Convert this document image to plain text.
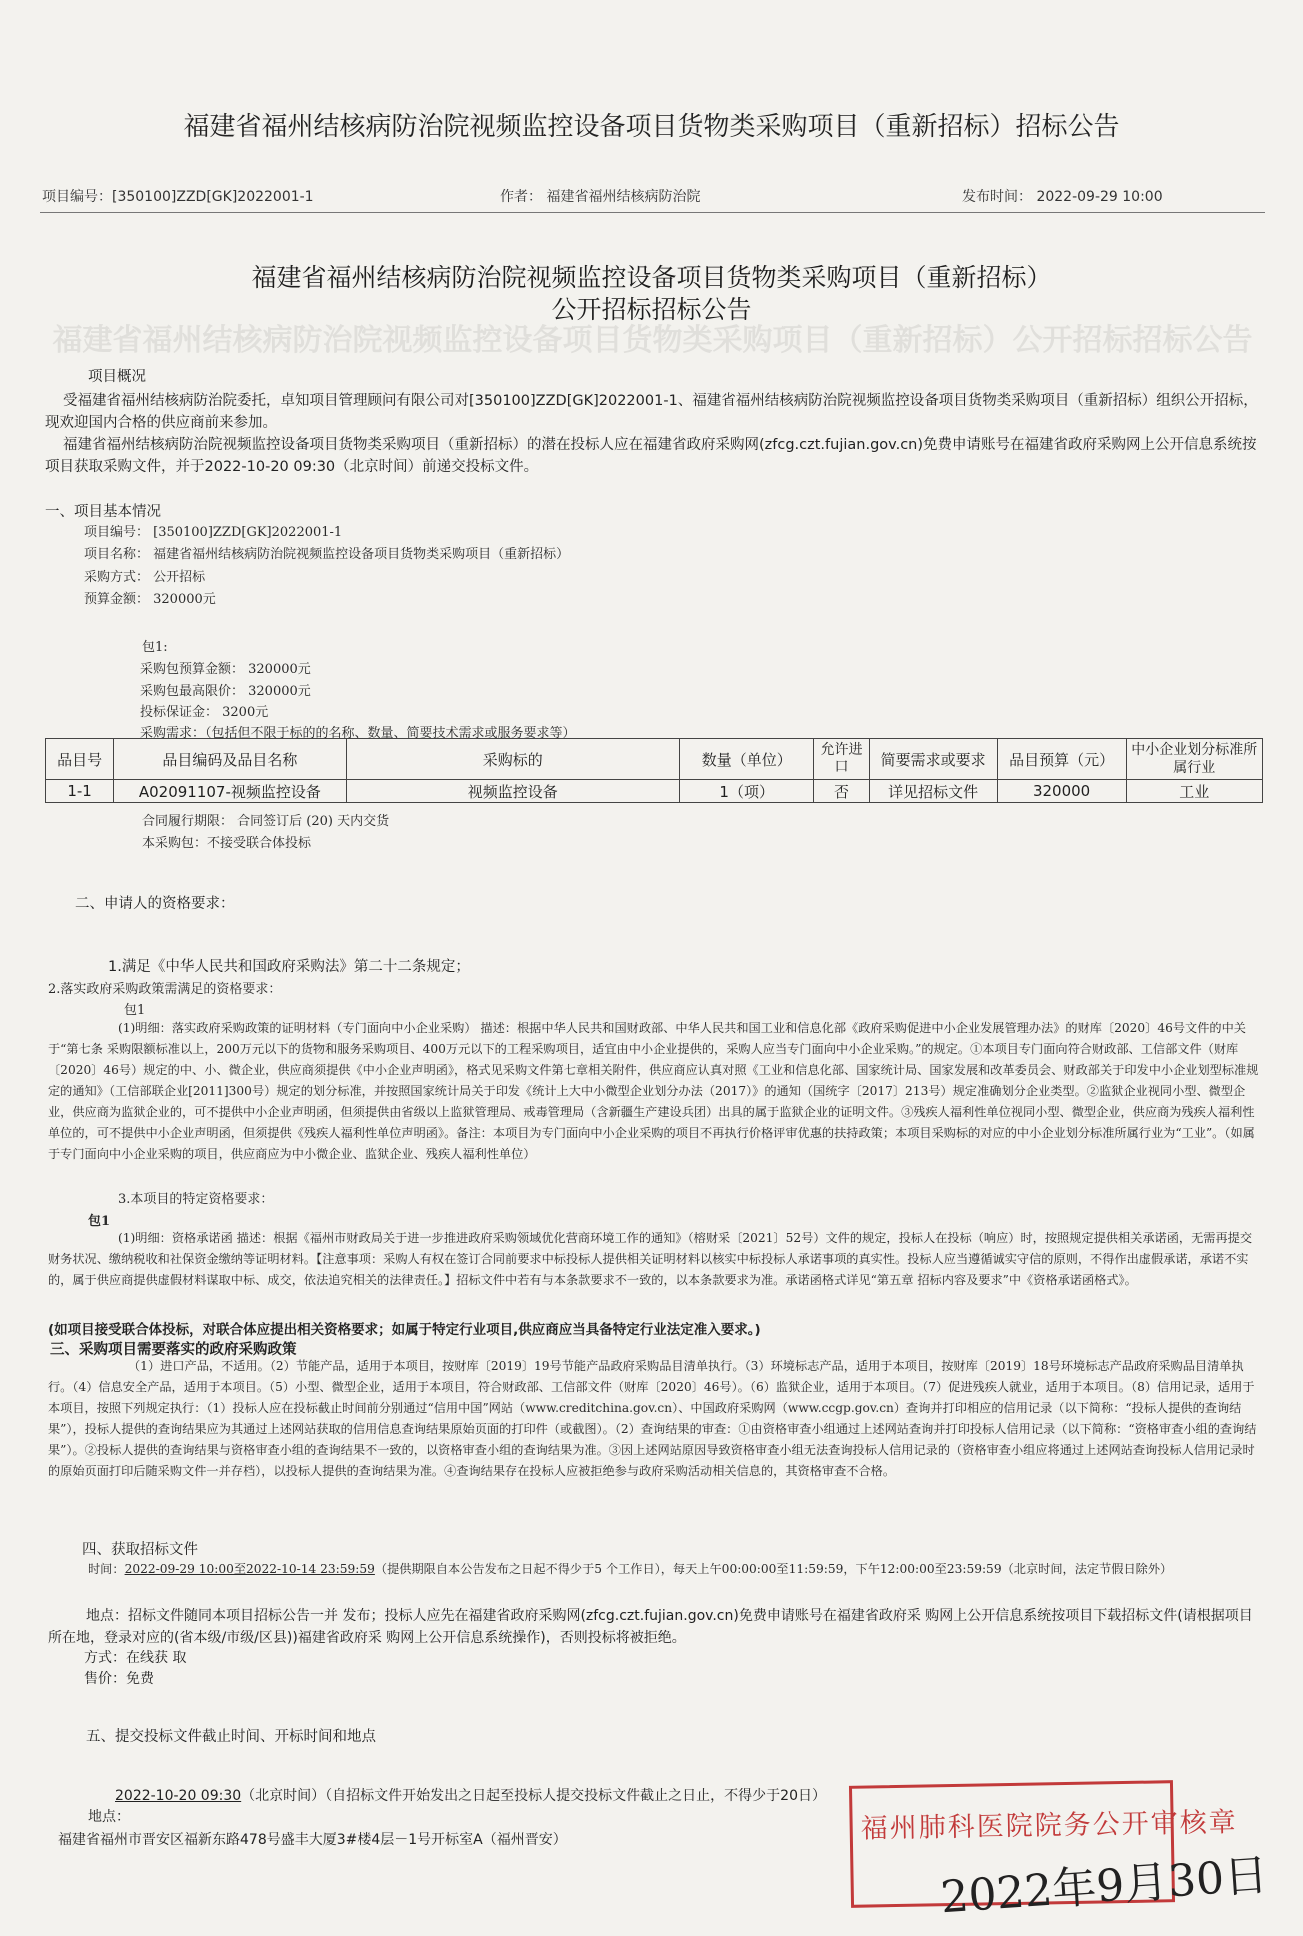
福建省福州结核病防治院视频监控设备项目货物类采购项目（重新招标）招标公告
项目编号：[350100]ZZD[GK]2022001-1	作者： 福建省福州结核病防治院	发布时间： 2022-09-29 10:00
福建省福州结核病防治院视频监控设备项目货物类采购项目（重新招标）
公开招标招标公告
福建省福州结核病防治院视频监控设备项目货物类采购项目（重新招标）公开招标招标公告
项目概况
受福建省福州结核病防治院委托，卓知项目管理顾问有限公司对[350100]ZZD[GK]2022001-1、福建省福州结核病防治院视频监控设备项目货物类采购项目（重新招标）组织公开招标，现欢迎国内合格的供应商前来参加。
福建省福州结核病防治院视频监控设备项目货物类采购项目（重新招标）的潜在投标人应在福建省政府采购网(zfcg.czt.fujian.gov.cn)免费申请账号在福建省政府采购网上公开信息系统按项目获取采购文件，并于2022-10-20 09:30（北京时间）前递交投标文件。
一、项目基本情况
项目编号： [350100]ZZD[GK]2022001-1
项目名称： 福建省福州结核病防治院视频监控设备项目货物类采购项目（重新招标）
采购方式： 公开招标
预算金额： 320000元
包1:
采购包预算金额： 320000元
采购包最高限价： 320000元
投标保证金： 3200元
采购需求：（包括但不限于标的的名称、数量、简要技术需求或服务要求等）
品目号	品目编码及品目名称	采购标的	数量（单位）	允许进口	简要需求或要求	品目预算（元）	中小企业划分标准所属行业
1-1	A02091107-视频监控设备	视频监控设备	1（项）	否	详见招标文件	320000	工业
合同履行期限： 合同签订后 (20) 天内交货
本采购包：不接受联合体投标
二、申请人的资格要求：
1.满足《中华人民共和国政府采购法》第二十二条规定；
2.落实政府采购政策需满足的资格要求：
包1
(1)明细：落实政府采购政策的证明材料（专门面向中小企业采购） 描述：根据中华人民共和国财政部、中华人民共和国工业和信息化部《政府采购促进中小企业发展管理办法》的财库〔2020〕46号文件的中关于“第七条 采购限额标准以上，200万元以下的货物和服务采购项目、400万元以下的工程采购项目，适宜由中小企业提供的，采购人应当专门面向中小企业采购。”的规定。①本项目专门面向符合财政部、工信部文件（财库〔2020〕46号）规定的中、小、微企业，供应商须提供《中小企业声明函》，格式见采购文件第七章相关附件，供应商应认真对照《工业和信息化部、国家统计局、国家发展和改革委员会、财政部关于印发中小企业划型标准规定的通知》（工信部联企业[2011]300号）规定的划分标准，并按照国家统计局关于印发《统计上大中小微型企业划分办法（2017）》的通知（国统字〔2017〕213号）规定准确划分企业类型。②监狱企业视同小型、微型企业，供应商为监狱企业的，可不提供中小企业声明函，但须提供由省级以上监狱管理局、戒毒管理局（含新疆生产建设兵团）出具的属于监狱企业的证明文件。③残疾人福利性单位视同小型、微型企业，供应商为残疾人福利性单位的，可不提供中小企业声明函，但须提供《残疾人福利性单位声明函》。备注：本项目为专门面向中小企业采购的项目不再执行价格评审优惠的扶持政策；本项目采购标的对应的中小企业划分标准所属行业为“工业”。（如属于专门面向中小企业采购的项目，供应商应为中小微企业、监狱企业、残疾人福利性单位）
3.本项目的特定资格要求：
包1
(1)明细：资格承诺函 描述：根据《福州市财政局关于进一步推进政府采购领域优化营商环境工作的通知》（榕财采〔2021〕52号）文件的规定，投标人在投标（响应）时，按照规定提供相关承诺函，无需再提交财务状况、缴纳税收和社保资金缴纳等证明材料。【注意事项：采购人有权在签订合同前要求中标投标人提供相关证明材料以核实中标投标人承诺事项的真实性。投标人应当遵循诚实守信的原则，不得作出虚假承诺，承诺不实的，属于供应商提供虚假材料谋取中标、成交，依法追究相关的法律责任。】招标文件中若有与本条款要求不一致的，以本条款要求为准。承诺函格式详见“第五章 招标内容及要求”中《资格承诺函格式》。
(如项目接受联合体投标，对联合体应提出相关资格要求；如属于特定行业项目,供应商应当具备特定行业法定准入要求。)
三、采购项目需要落实的政府采购政策
（1）进口产品，不适用。（2）节能产品，适用于本项目，按财库〔2019〕19号节能产品政府采购品目清单执行。（3）环境标志产品，适用于本项目，按财库〔2019〕18号环境标志产品政府采购品目清单执行。（4）信息安全产品，适用于本项目。（5）小型、微型企业，适用于本项目，符合财政部、工信部文件（财库〔2020〕46号）。（6）监狱企业，适用于本项目。（7）促进残疾人就业，适用于本项目。（8）信用记录，适用于本项目，按照下列规定执行：（1）投标人应在投标截止时间前分别通过“信用中国”网站（www.creditchina.gov.cn）、中国政府采购网（www.ccgp.gov.cn）查询并打印相应的信用记录（以下简称：“投标人提供的查询结果”），投标人提供的查询结果应为其通过上述网站获取的信用信息查询结果原始页面的打印件（或截图）。（2）查询结果的审查：①由资格审查小组通过上述网站查询并打印投标人信用记录（以下简称：“资格审查小组的查询结果”）。②投标人提供的查询结果与资格审查小组的查询结果不一致的，以资格审查小组的查询结果为准。③因上述网站原因导致资格审查小组无法查询投标人信用记录的（资格审查小组应将通过上述网站查询投标人信用记录时的原始页面打印后随采购文件一并存档），以投标人提供的查询结果为准。④查询结果存在投标人应被拒绝参与政府采购活动相关信息的，其资格审查不合格。
四、获取招标文件
时间：2022-09-29 10:00至2022-10-14 23:59:59（提供期限自本公告发布之日起不得少于5 个工作日），每天上午00:00:00至11:59:59，下午12:00:00至23:59:59（北京时间，法定节假日除外）
地点：招标文件随同本项目招标公告一并 发布；投标人应先在福建省政府采购网(zfcg.czt.fujian.gov.cn)免费申请账号在福建省政府采 购网上公开信息系统按项目下载招标文件(请根据项目所在地，登录对应的(省本级/市级/区县))福建省政府采 购网上公开信息系统操作)，否则投标将被拒绝。
方式：在线获 取
售价：免费
五、提交投标文件截止时间、开标时间和地点
2022-10-20 09:30（北京时间）（自招标文件开始发出之日起至投标人提交投标文件截止之日止，不得少于20日）
地点：
福建省福州市晋安区福新东路478号盛丰大厦3#楼4层－1号开标室A（福州晋安）	福州肺科医院院务公开审核章
2022年9月30日
